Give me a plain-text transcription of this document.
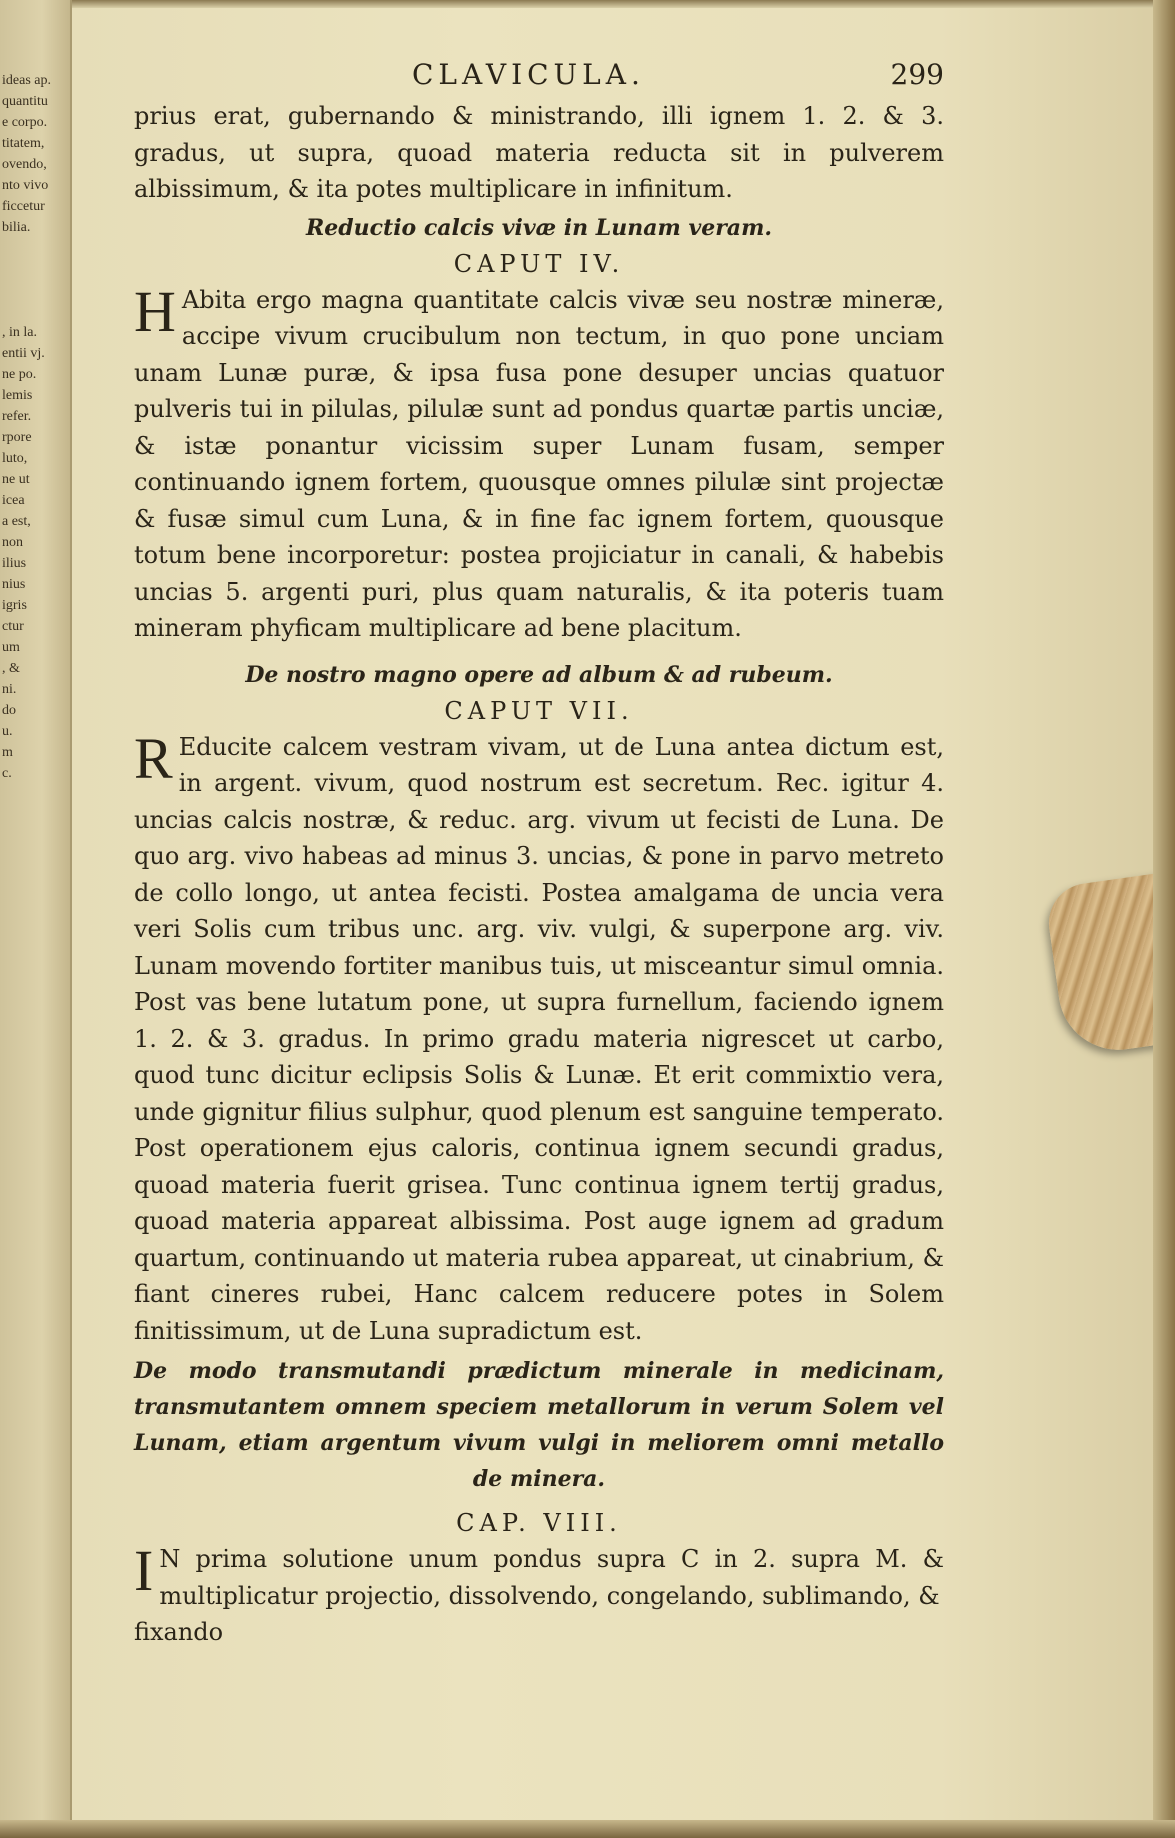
ideas ap.
quantitu
e corpo.
titatem,
ovendo,
nto vivo
ficcetur
bilia.
, in la.
entii vj.
ne po.
lemis
refer.
rpore
luto,
ne ut
icea
a est,
non
ilius
nius
igris
ctur
um
, &
ni.
do
u.
m
c.
CLAVICULA.	299

prius erat, gubernando & ministrando, illi ignem 1. 2. & 3. gradus, ut supra, quoad materia reducta sit in pulverem albissimum, & ita potes multiplicare in infinitum.

Reductio calcis vivæ in Lunam veram.

CAPUT IV.

H Abita ergo magna quantitate calcis vivæ seu nostræ mineræ, accipe vivum crucibulum non tectum, in quo pone unciam unam Lunæ puræ, & ipsa fusa pone desuper uncias quatuor pulveris tui in pilulas, pilulæ sunt ad pondus quartæ partis unciæ, & istæ ponantur vicissim super Lunam fusam, semper continuando ignem fortem, quousque omnes pilulæ sint projectæ & fusæ simul cum Luna, & in fine fac ignem fortem, quousque totum bene incorporetur: postea projiciatur in canali, & habebis uncias 5. argenti puri, plus quam naturalis, & ita poteris tuam mineram phyficam multiplicare ad bene placitum.

De nostro magno opere ad album & ad rubeum.

CAPUT VII.

R Educite calcem vestram vivam, ut de Luna antea dictum est, in argent. vivum, quod nostrum est secretum. Rec. igitur 4. uncias calcis nostræ, & reduc. arg. vivum ut fecisti de Luna. De quo arg. vivo habeas ad minus 3. uncias, & pone in parvo metreto de collo longo, ut antea fecisti. Postea amalgama de uncia vera veri Solis cum tribus unc. arg. viv. vulgi, & superpone arg. viv. Lunam movendo fortiter manibus tuis, ut misceantur simul omnia. Post vas bene lutatum pone, ut supra furnellum, faciendo ignem 1. 2. & 3. gradus. In primo gradu materia nigrescet ut carbo, quod tunc dicitur eclipsis Solis & Lunæ. Et erit commixtio vera, unde gignitur filius sulphur, quod plenum est sanguine temperato. Post operationem ejus caloris, continua ignem secundi gradus, quoad materia fuerit grisea. Tunc continua ignem tertij gradus, quoad materia appareat albissima. Post auge ignem ad gradum quartum, continuando ut materia rubea appareat, ut cinabrium, & fiant cineres rubei, Hanc calcem reducere potes in Solem finitissimum, ut de Luna supradictum est.

De modo transmutandi prædictum minerale in medicinam, transmutantem omnem speciem metallorum in verum Solem vel Lunam, etiam argentum vivum vulgi in meliorem omni metallo de minera.

CAP. VIII.

I N prima solutione unum pondus supra C in 2. supra M. & multiplicatur projectio, dissolvendo, congelando, sublimando, &

fixando
